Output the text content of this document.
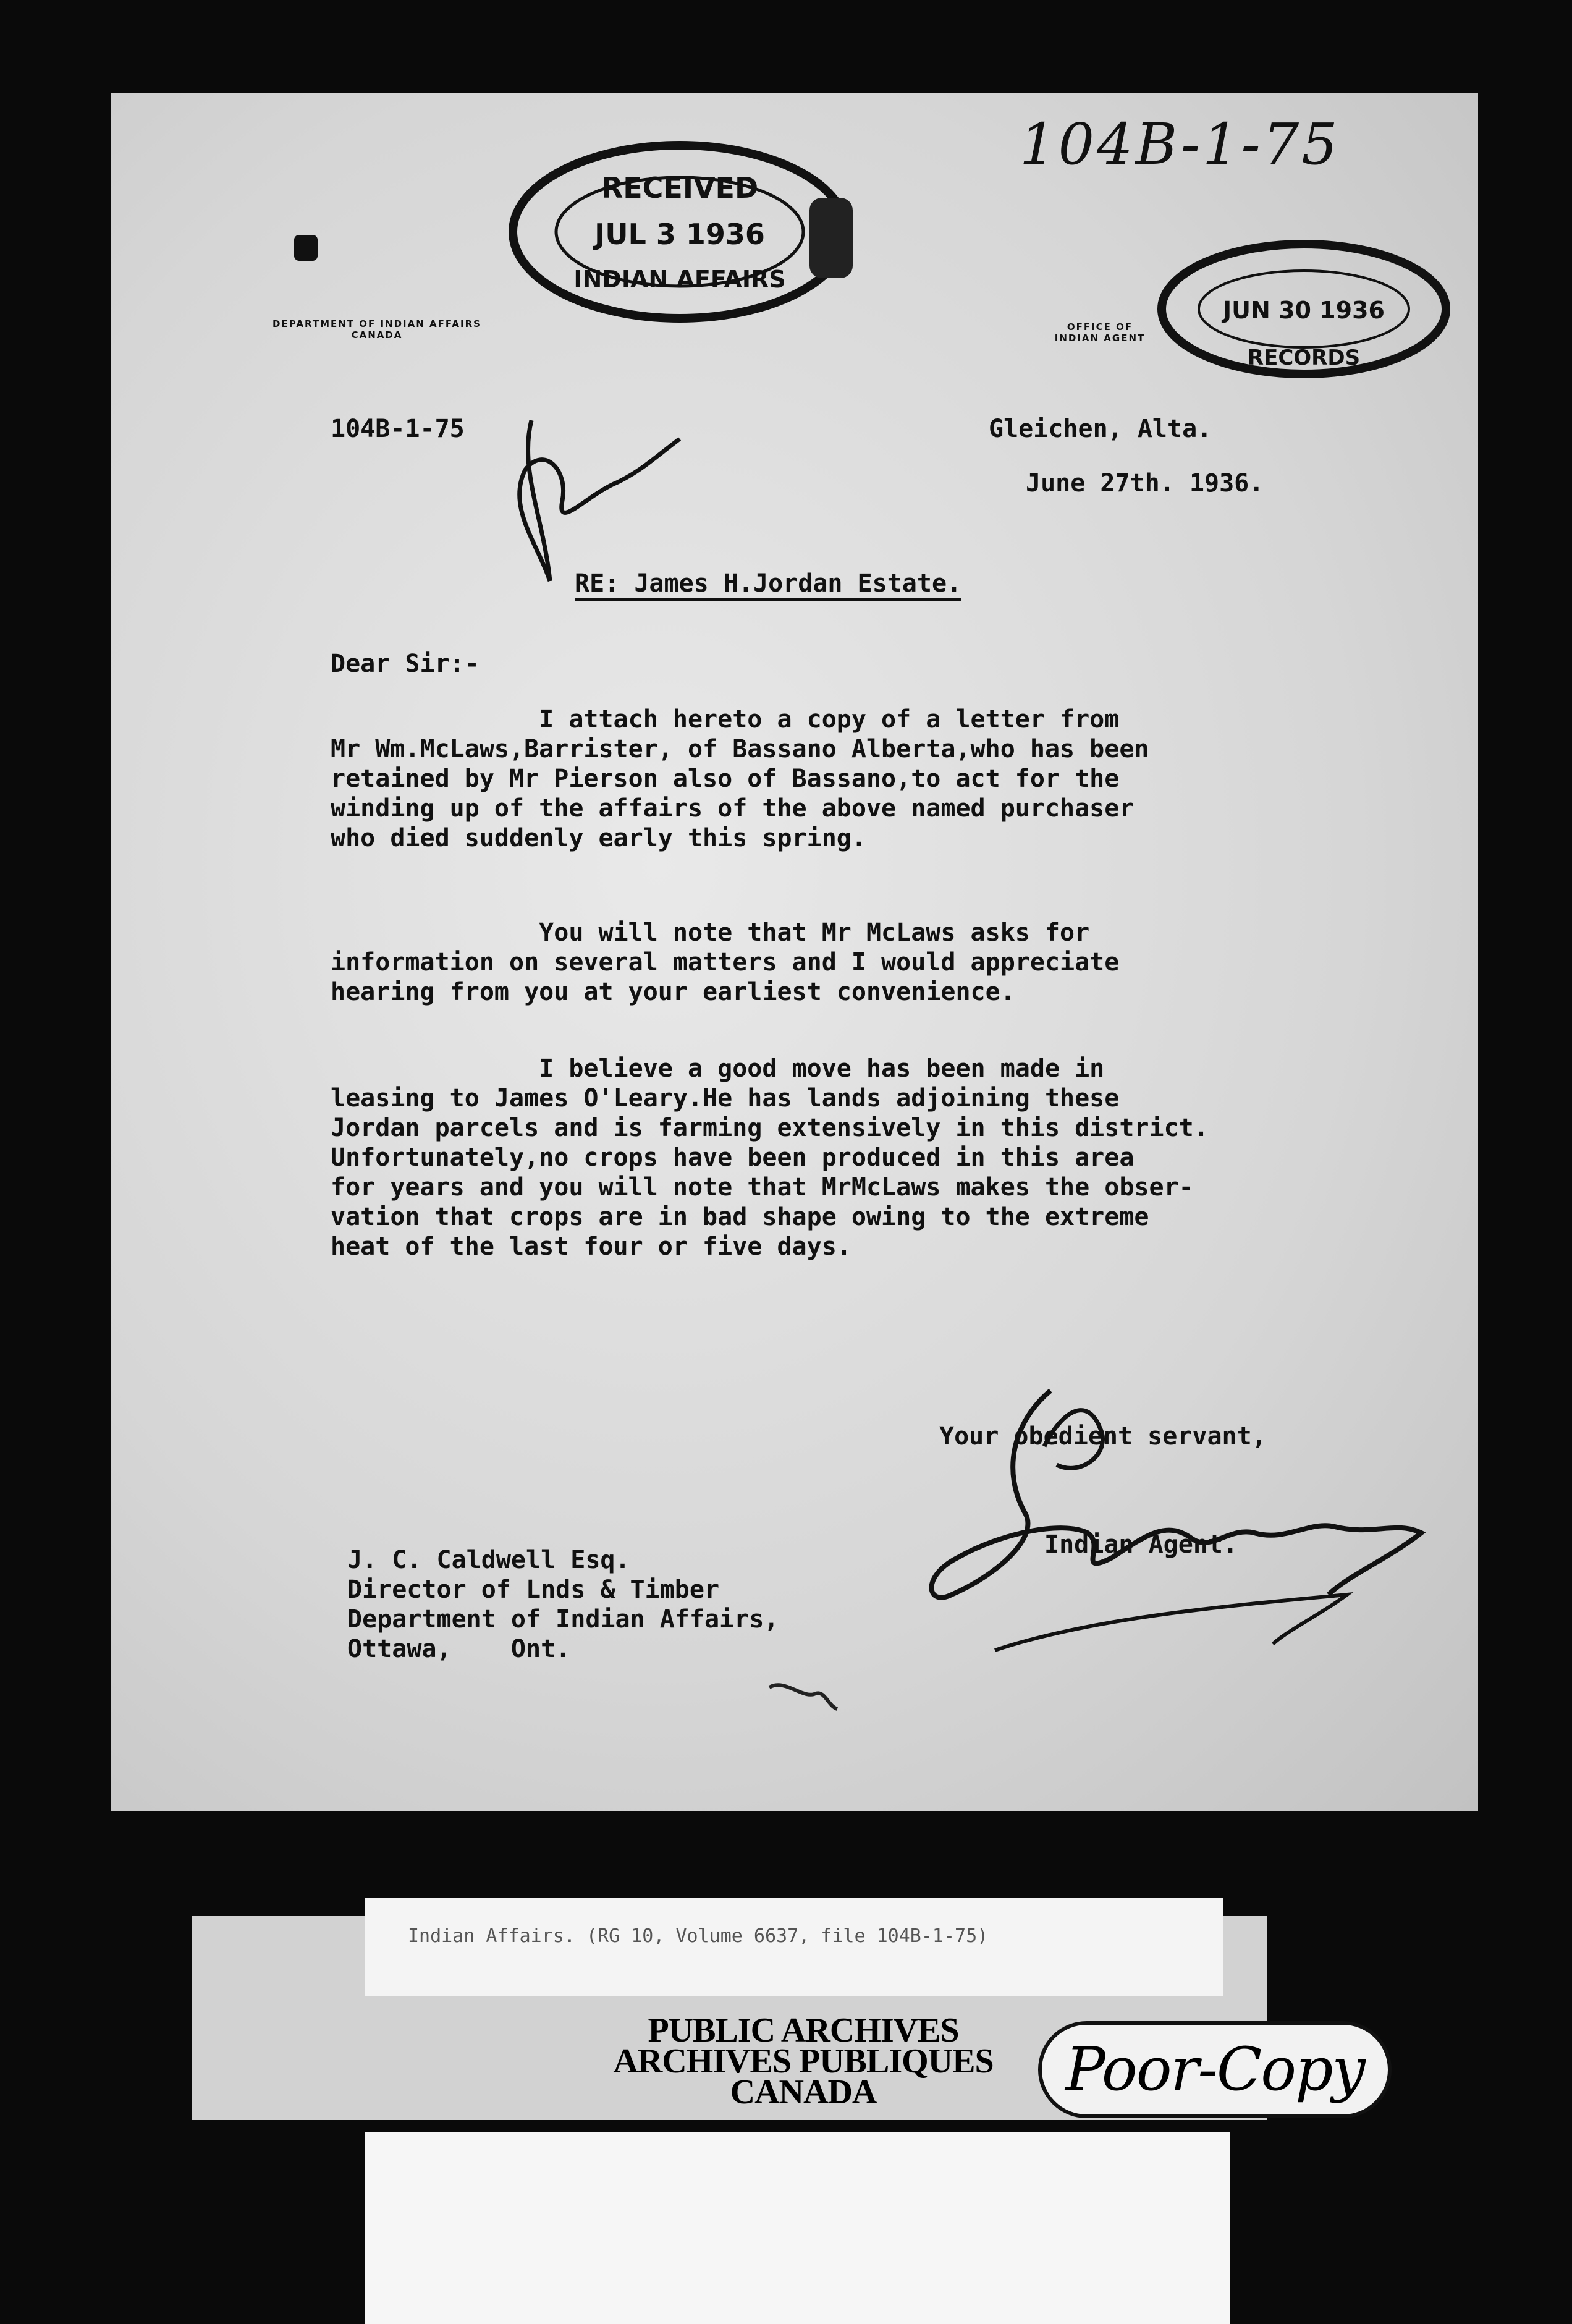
104B-1-75
RECEIVED
JUL 3 1936
INDIAN AFFAIRS
JUN 30 1936
RECORDS
DEPARTMENT OF INDIAN AFFAIRS
CANADA
OFFICE OF
INDIAN AGENT
104B-1-75	Gleichen, Alta.
June 27th. 1936.
RE: James H.Jordan Estate.
Dear Sir:-
I attach hereto a copy of a letter from
Mr Wm.McLaws,Barrister, of Bassano Alberta,who has been
retained by Mr Pierson also of Bassano,to act for the
winding up of the affairs of the above named purchaser
who died suddenly early this spring.
You will note that Mr McLaws asks for
information on several matters and I would appreciate
hearing from you at your earliest convenience.
I believe a good move has been made in
leasing to James O'Leary.He has lands adjoining these
Jordan parcels and is farming extensively in this district.
Unfortunately,no crops have been produced in this area
for years and you will note that MrMcLaws makes the obser-
vation that crops are in bad shape owing to the extreme
heat of the last four or five days.
Your obedient servant,
Indian Agent.
J. C. Caldwell Esq.
Director of Lnds & Timber
Department of Indian Affairs,
Ottawa,    Ont.
Indian Affairs. (RG 10, Volume 6637, file 104B-1-75)
PUBLIC ARCHIVES
ARCHIVES PUBLIQUES
CANADA	Poor-Copy
